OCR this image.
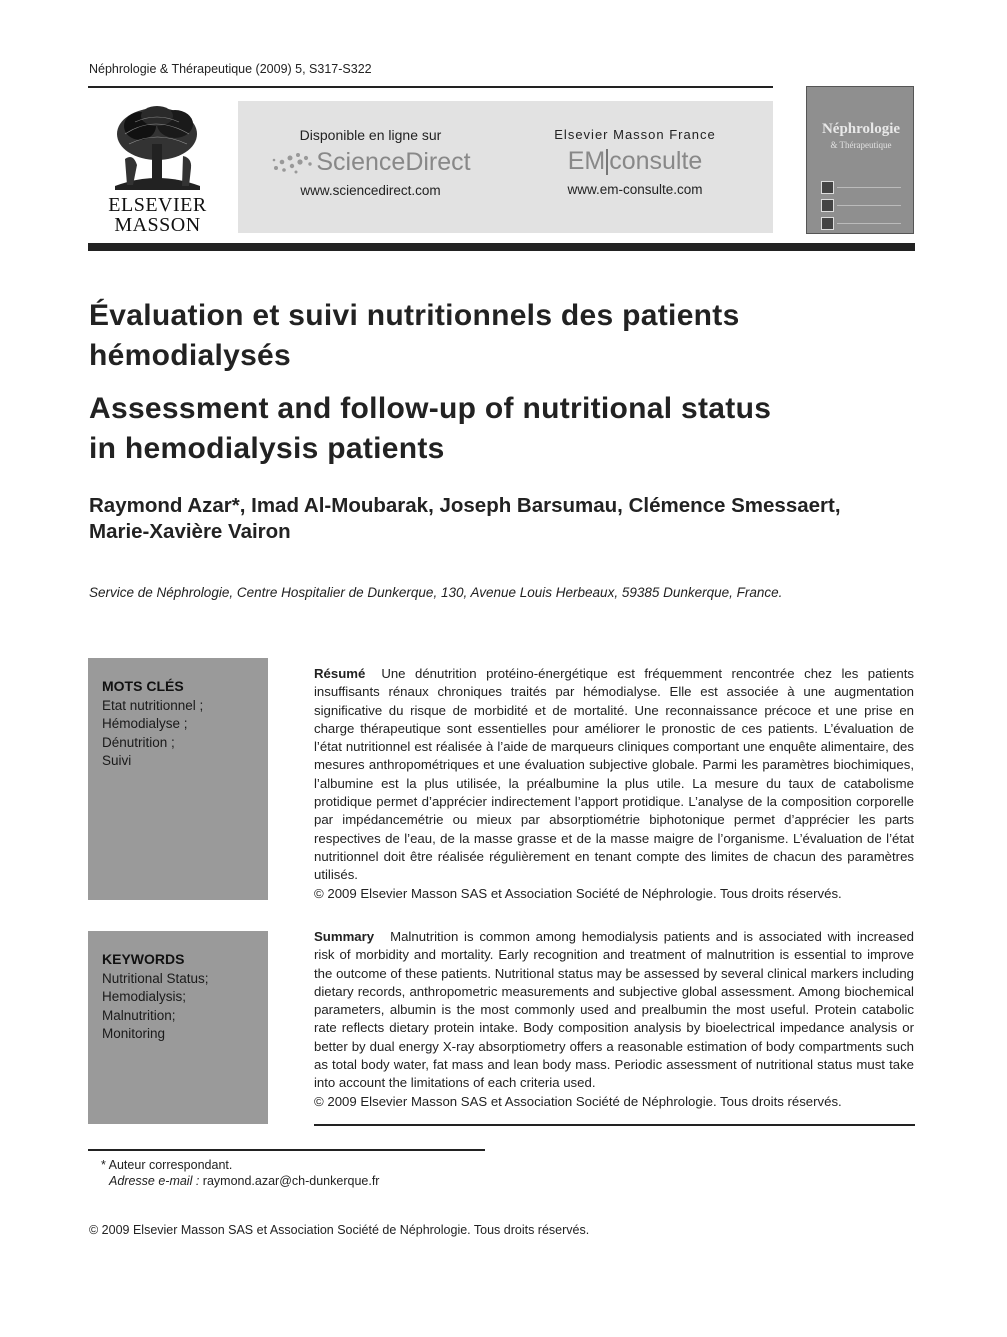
Néphrologie & Thérapeutique (2009) 5, S317-S322
ELSEVIER
MASSON
Disponible en ligne sur
ScienceDirect
www.sciencedirect.com
Elsevier Masson France
EM consulte
www.em-consulte.com
Néphrologie
& Thérapeutique
Évaluation et suivi nutritionnels des patients
hémodialysés
Assessment and follow-up of nutritional status
in hemodialysis patients
Raymond Azar*, Imad Al-Moubarak, Joseph Barsumau, Clémence Smessaert,
Marie-Xavière Vairon
Service de Néphrologie, Centre Hospitalier de Dunkerque, 130, Avenue Louis Herbeaux, 59385 Dunkerque, France.
MOTS CLÉS
Etat nutritionnel ;
Hémodialyse ;
Dénutrition ;
Suivi
KEYWORDS
Nutritional Status;
Hemodialysis;
Malnutrition;
Monitoring
Résumé Une dénutrition protéino-énergétique est fréquemment rencontrée chez les patients insuffisants rénaux chroniques traités par hémodialyse. Elle est associée à une augmentation significative du risque de morbidité et de mortalité. Une reconnaissance précoce et une prise en charge thérapeutique sont essentielles pour améliorer le pronostic de ces patients. L’évaluation de l’état nutritionnel est réalisée à l’aide de marqueurs cliniques comportant une enquête alimentaire, des mesures anthropométriques et une évaluation subjective globale. Parmi les paramètres biochimiques, l’albumine est la plus utilisée, la préalbumine la plus utile. La mesure du taux de catabolisme protidique permet d’apprécier indirectement l’apport protidique. L’analyse de la composition corporelle par impédancemétrie ou mieux par absorptiométrie biphotonique permet d’apprécier les parts respectives de l’eau, de la masse grasse et de la masse maigre de l’organisme. L’évaluation de l’état nutritionnel doit être réalisée régulièrement en tenant compte des limites de chacun des paramètres utilisés.
© 2009 Elsevier Masson SAS et Association Société de Néphrologie. Tous droits réservés.
Summary Malnutrition is common among hemodialysis patients and is associated with increased risk of morbidity and mortality. Early recognition and treatment of malnutrition is essential to improve the outcome of these patients. Nutritional status may be assessed by several clinical markers including dietary records, anthropometric measurements and subjective global assessment. Among biochemical parameters, albumin is the most commonly used and prealbumin the most useful. Protein catabolic rate reflects dietary protein intake. Body composition analysis by bioelectrical impedance analysis or better by dual energy X-ray absorptiometry offers a reasonable estimation of body compartments such as total body water, fat mass and lean body mass. Periodic assessment of nutritional status must take into account the limitations of each criteria used.
© 2009 Elsevier Masson SAS et Association Société de Néphrologie. Tous droits réservés.
* Auteur correspondant.
Adresse e-mail : raymond.azar@ch-dunkerque.fr
© 2009 Elsevier Masson SAS et Association Société de Néphrologie. Tous droits réservés.
